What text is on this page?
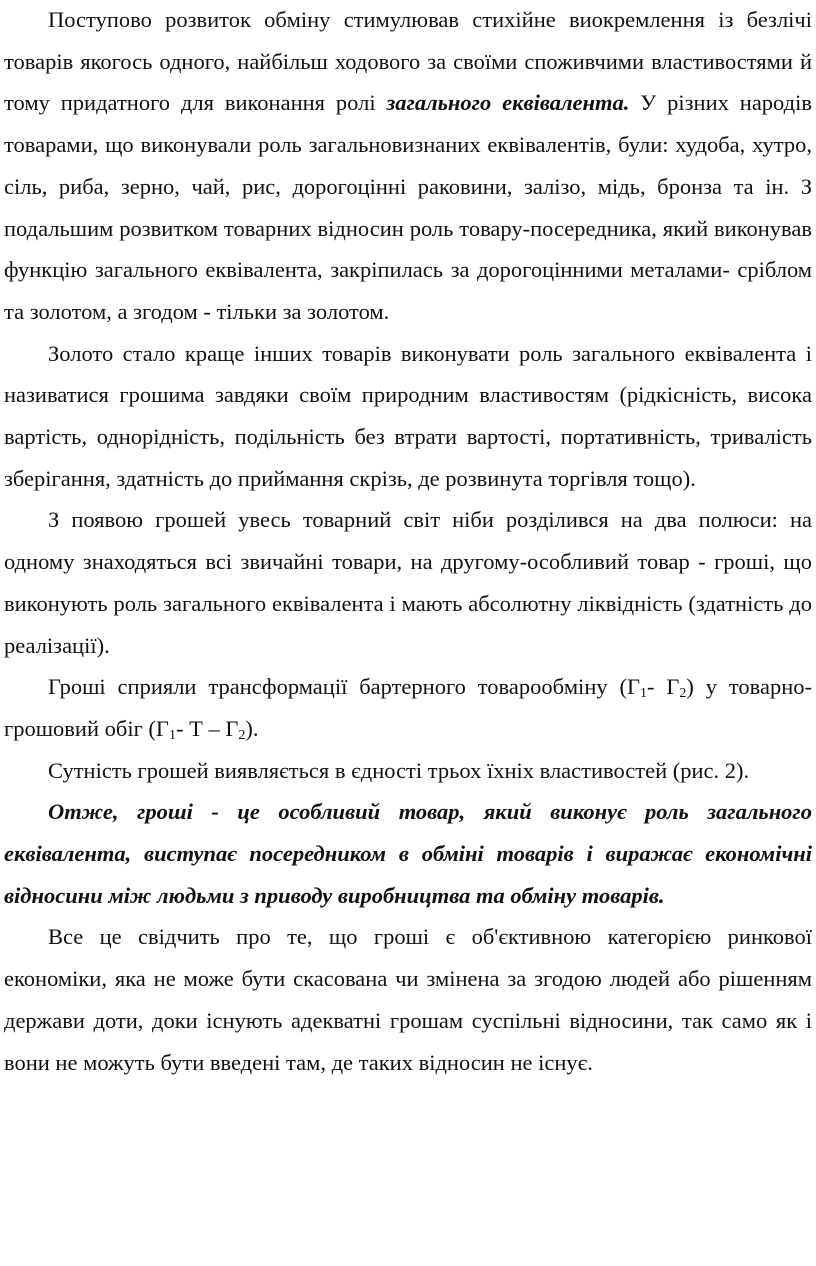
Поступово розвиток обміну стимулював стихійне виокремлення із безлічі товарів якогось одного, найбільш ходового за своїми споживчими властивостями й тому придатного для виконання ролі загального еквівалента. У різних народів товарами, що виконували роль загальновизнаних еквівалентів, були: худоба, хутро, сіль, риба, зерно, чай, рис, дорогоцінні раковини, залізо, мідь, бронза та ін. З подальшим розвитком товарних відносин роль товару-посередника, який виконував функцію загального еквівалента, закріпилась за дорогоцінними металами- сріблом та золотом, а згодом - тільки за золотом.

Золото стало краще інших товарів виконувати роль загального еквівалента і називатися грошима завдяки своїм природним властивостям (рідкісність, висока вартість, однорідність, подільність без втрати вартості, портативність, тривалість зберігання, здатність до приймання скрізь, де розвинута торгівля тощо).

З появою грошей увесь товарний світ ніби розділився на два полюси: на одному знаходяться всі звичайні товари, на другому-особливий товар - гроші, що виконують роль загального еквівалента і мають абсолютну ліквідність (здатність до реалізації).

Гроші сприяли трансформації бартерного товарообміну ($Г_1-$ $Г_2$) у товарно-грошовий обіг ($Г_1-$ Т – $Г_2$).

Сутність грошей виявляється в єдності трьох їхніх властивостей (рис. 2).

Отже, гроші - це особливий товар, який виконує роль загального еквівалента, виступає посередником в обміні товарів і виражає економічні відносини між людьми з приводу виробництва та обміну товарів.

Все це свідчить про те, що гроші є об'єктивною категорією ринкової економіки, яка не може бути скасована чи змінена за згодою людей або рішенням держави доти, доки існують адекватні грошам суспільні відносини, так само як і вони не можуть бути введені там, де таких відносин не існує.
